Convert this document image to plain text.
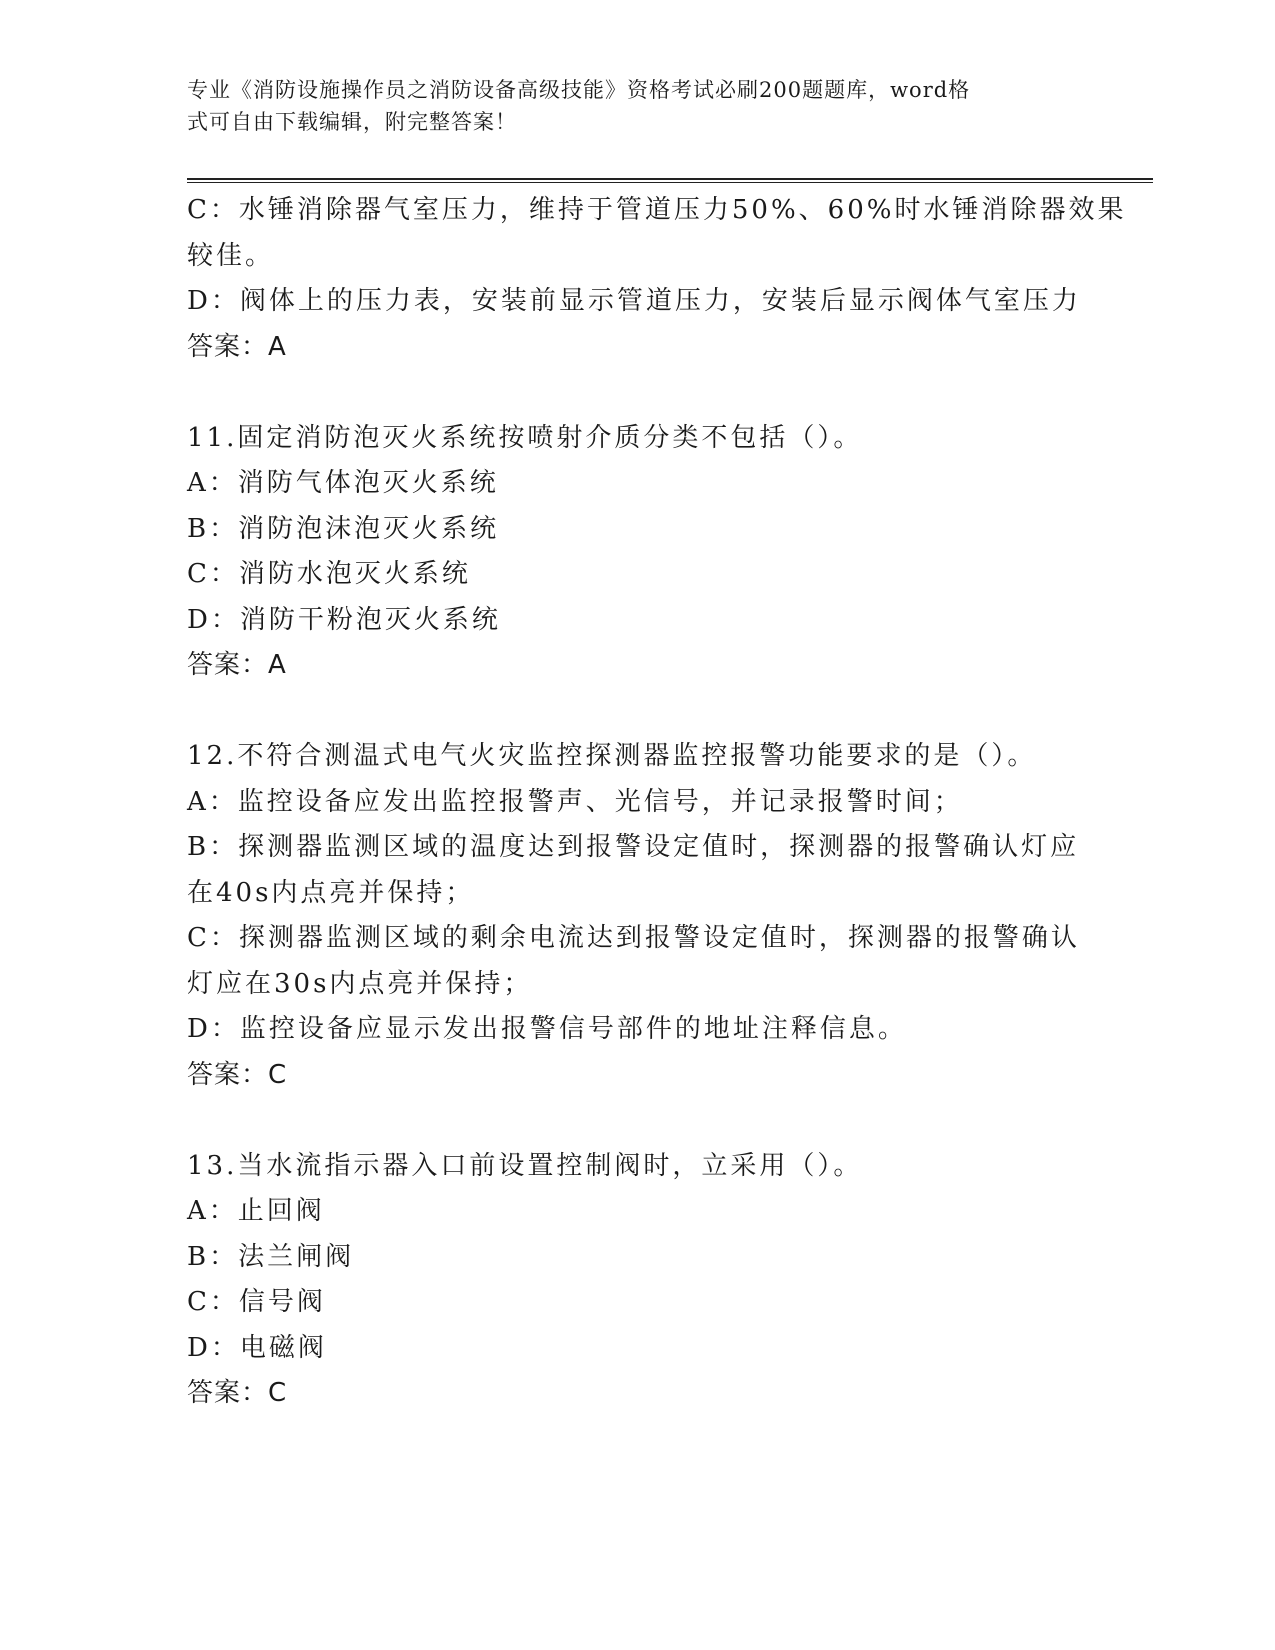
专业《消防设施操作员之消防设备高级技能》资格考试必刷200题题库，word格
式可自由下载编辑，附完整答案！
C：水锤消除器气室压力，维持于管道压力50%、60%时水锤消除器效果
较佳。
D：阀体上的压力表，安装前显示管道压力，安装后显示阀体气室压力
答案：A
11.固定消防泡灭火系统按喷射介质分类不包括（）。
A：消防气体泡灭火系统
B：消防泡沫泡灭火系统
C：消防水泡灭火系统
D：消防干粉泡灭火系统
答案：A
12.不符合测温式电气火灾监控探测器监控报警功能要求的是（）。
A：监控设备应发出监控报警声、光信号，并记录报警时间；
B：探测器监测区域的温度达到报警设定值时，探测器的报警确认灯应
在40s内点亮并保持；
C：探测器监测区域的剩余电流达到报警设定值时，探测器的报警确认
灯应在30s内点亮并保持；
D：监控设备应显示发出报警信号部件的地址注释信息。
答案：C
13.当水流指示器入口前设置控制阀时，立采用（）。
A：止回阀
B：法兰闸阀
C：信号阀
D：电磁阀
答案：C
